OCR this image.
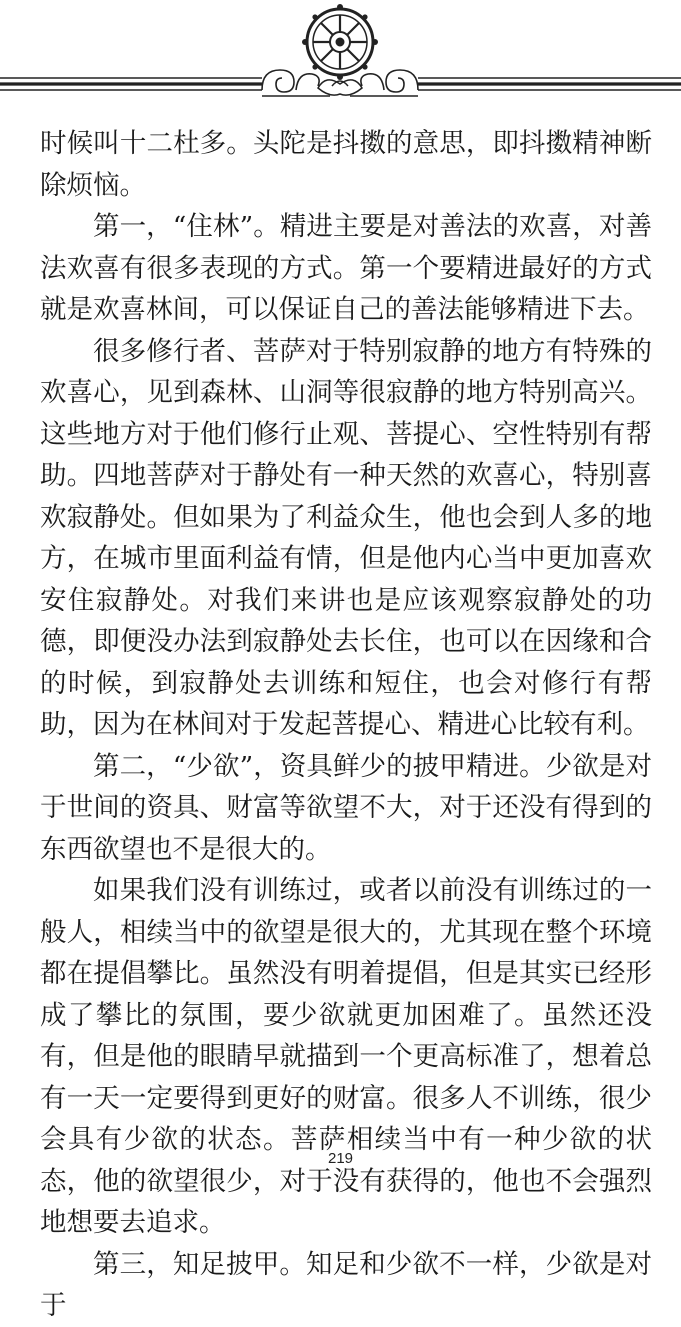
时候叫十二杜多。头陀是抖擞的意思，即抖擞精神断除烦恼。

第一，“住林”。精进主要是对善法的欢喜，对善法欢喜有很多表现的方式。第一个要精进最好的方式就是欢喜林间，可以保证自己的善法能够精进下去。

很多修行者、菩萨对于特别寂静的地方有特殊的欢喜心，见到森林、山洞等很寂静的地方特别高兴。这些地方对于他们修行止观、菩提心、空性特别有帮助。四地菩萨对于静处有一种天然的欢喜心，特别喜欢寂静处。但如果为了利益众生，他也会到人多的地方，在城市里面利益有情，但是他内心当中更加喜欢安住寂静处。对我们来讲也是应该观察寂静处的功德，即便没办法到寂静处去长住，也可以在因缘和合的时候，到寂静处去训练和短住，也会对修行有帮助，因为在林间对于发起菩提心、精进心比较有利。

第二，“少欲”，资具鲜少的披甲精进。少欲是对于世间的资具、财富等欲望不大，对于还没有得到的东西欲望也不是很大的。

如果我们没有训练过，或者以前没有训练过的一般人，相续当中的欲望是很大的，尤其现在整个环境都在提倡攀比。虽然没有明着提倡，但是其实已经形成了攀比的氛围，要少欲就更加困难了。虽然还没有，但是他的眼睛早就描到一个更高标准了，想着总有一天一定要得到更好的财富。很多人不训练，很少会具有少欲的状态。菩萨相续当中有一种少欲的状态，他的欲望很少，对于没有获得的，他也不会强烈地想要去追求。

第三，知足披甲。知足和少欲不一样，少欲是对于

219
